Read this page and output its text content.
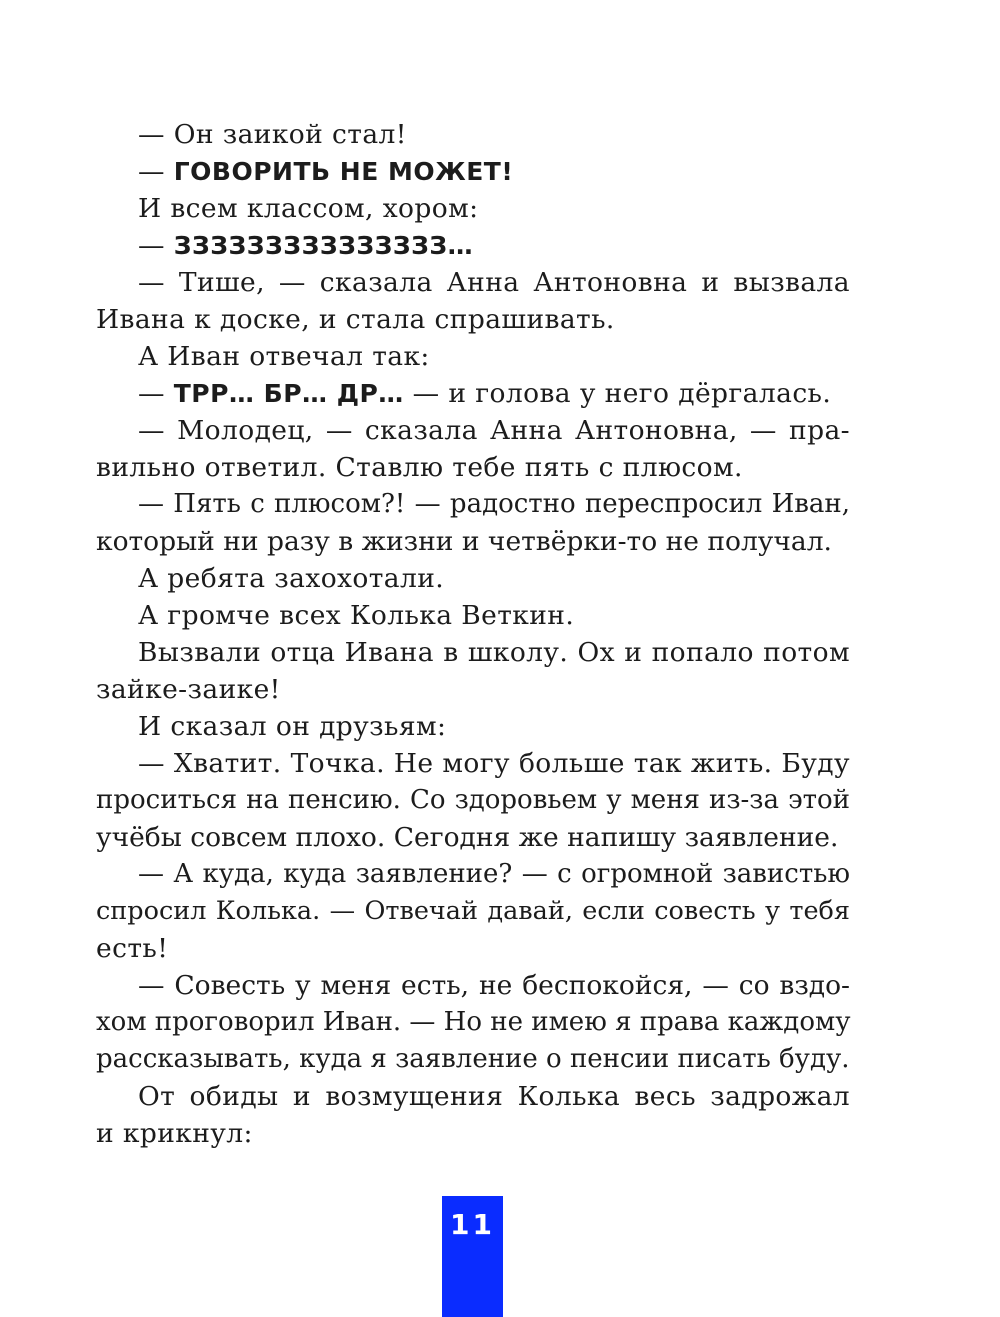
— Он заикой стал!
— ГОВОРИТЬ НЕ МОЖЕТ!
И всем классом, хором:
— ЗЗЗЗЗЗЗЗЗЗЗЗЗЗЗ…
— Тише, — сказала Анна Антоновна и вызвала
Ивана к доске, и стала спрашивать.
А Иван отвечал так:
— ТРР… БР… ДР… — и голова у него дёргалась.
— Молодец, — сказала Анна Антоновна, — пра-
вильно ответил. Ставлю тебе пять с плюсом.
— Пять с плюсом?! — радостно переспросил Иван,
который ни разу в жизни и четвёрки-то не получал.
А ребята захохотали.
А громче всех Колька Веткин.
Вызвали отца Ивана в школу. Ох и попало потом
зайке-заике!
И сказал он друзьям:
— Хватит. Точка. Не могу больше так жить. Буду
проситься на пенсию. Со здоровьем у меня из-за этой
учёбы совсем плохо. Сегодня же напишу заявление.
— А куда, куда заявление? — с огромной завистью
спросил Колька. — Отвечай давай, если совесть у тебя
есть!
— Совесть у меня есть, не беспокойся, — со вздо-
хом проговорил Иван. — Но не имею я права каждому
рассказывать, куда я заявление о пенсии писать буду.
От обиды и возмущения Колька весь задрожал
и крикнул:
11
